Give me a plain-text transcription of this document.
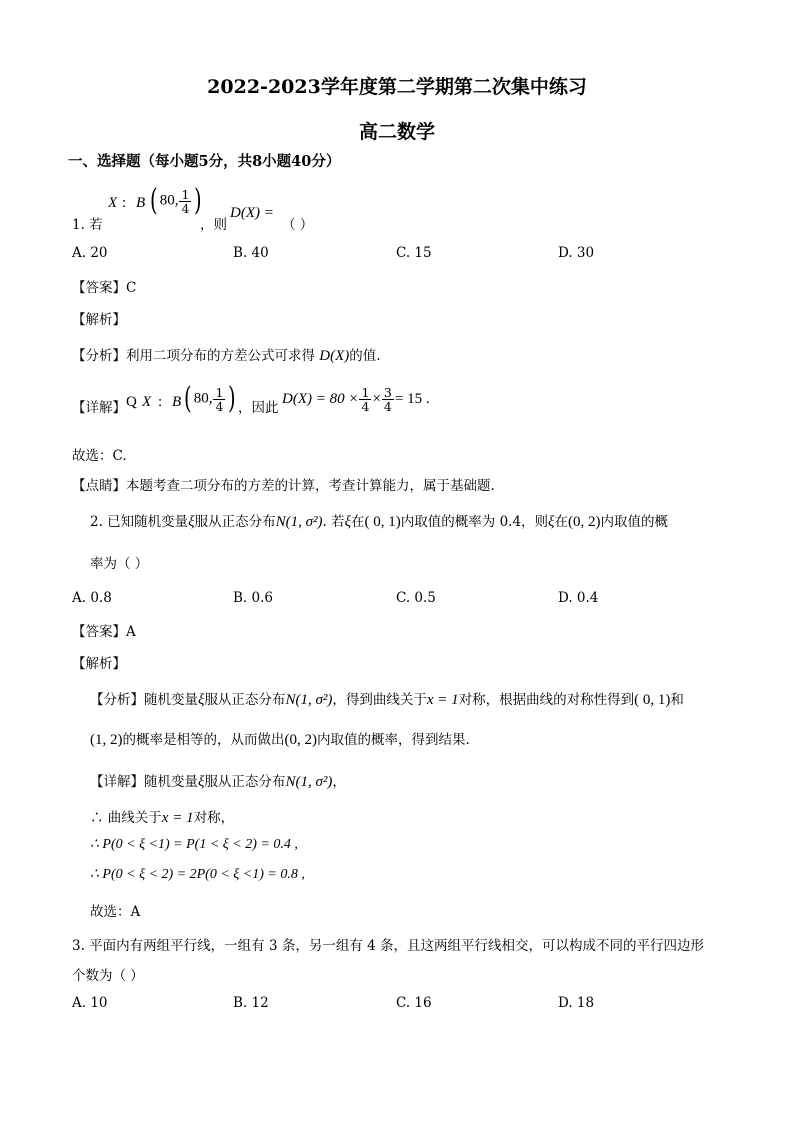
2022-2023学年度第二学期第二次集中练习
高二数学
一、选择题（每小题5分，共8小题40分）
1. 若
X : B ( 80, $\frac{1}{4}$ )
，则
D(X) =
（ ）
A. 20	B. 40	C. 15	D. 30
【答案】C
【解析】
【分析】利用二项分布的方差公式可求得 D(X)的值.
【详解】 Q X : B ( 80, $\frac{1}{4}$ ) ，因此
$D(X) = 80 \times \frac{1}{4} \times \frac{3}{4} = 15$ .
故选：C.
【点睛】本题考查二项分布的方差的计算，考查计算能力，属于基础题.
2. 已知随机变量ξ服从正态分布N(1, σ²). 若ξ在( 0, 1)内取值的概率为 0.4，则ξ在(0, 2)内取值的概
率为（ ）
A. 0.8	B. 0.6	C. 0.5	D. 0.4
【答案】A
【解析】
【分析】随机变量ξ服从正态分布N(1, σ²)，得到曲线关于x = 1对称，根据曲线的对称性得到( 0, 1)和
(1, 2)的概率是相等的，从而做出(0, 2)内取值的概率，得到结果.
【详解】随机变量ξ服从正态分布N(1, σ²)，
∴ 曲线关于x = 1对称，
∴ P(0 < ξ <1) = P(1 < ξ < 2) = 0.4 ,
∴ P(0 < ξ < 2) = 2P(0 < ξ <1) = 0.8 ,
故选：A
3. 平面内有两组平行线，一组有 3 条，另一组有 4 条，且这两组平行线相交，可以构成不同的平行四边形
个数为（ ）
A. 10	B. 12	C. 16	D. 18
